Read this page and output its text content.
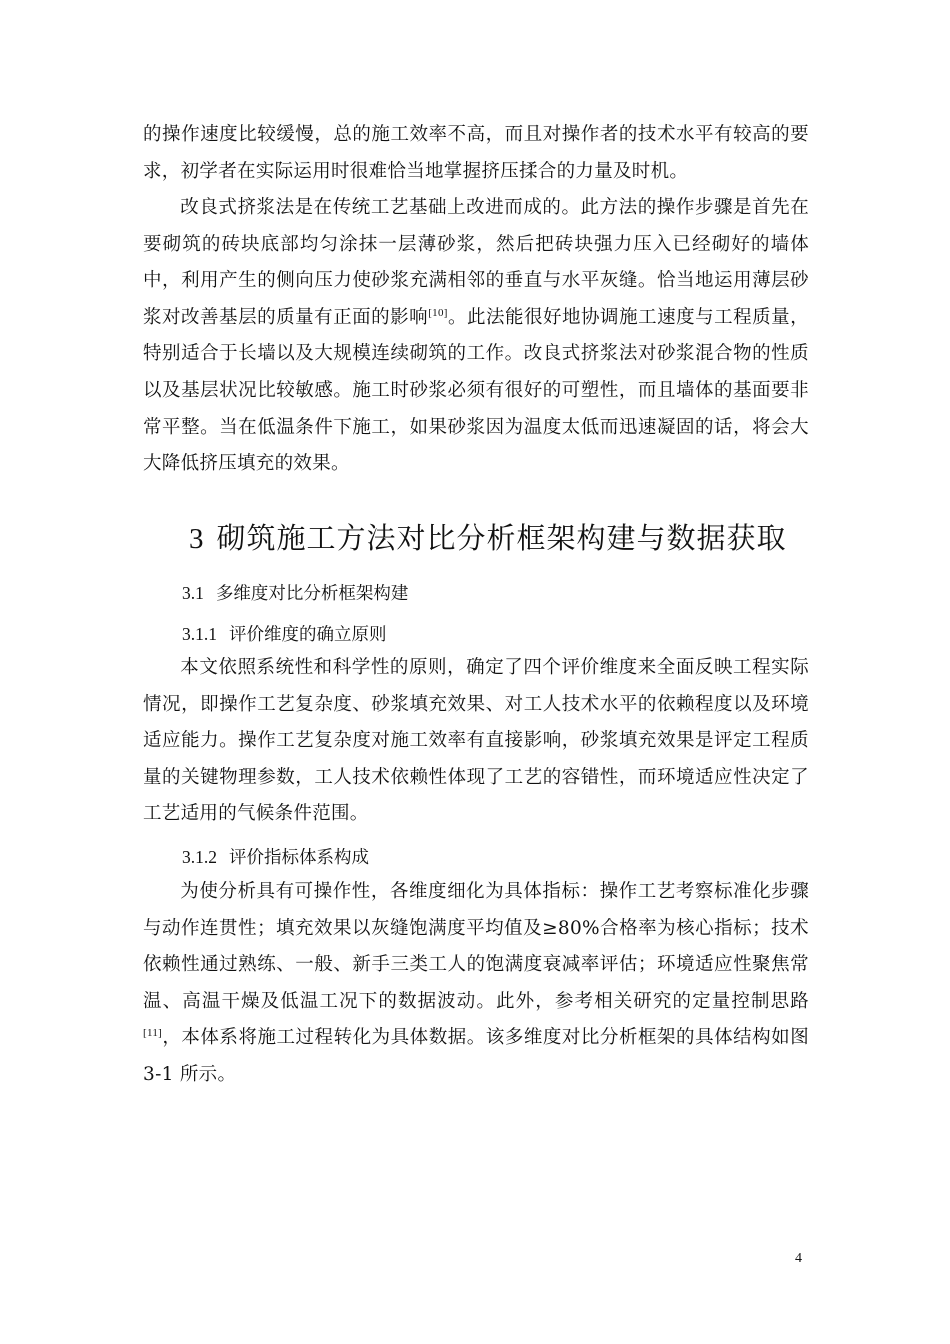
的操作速度比较缓慢，总的施工效率不高，而且对操作者的技术水平有较高的要求，初学者在实际运用时很难恰当地掌握挤压揉合的力量及时机。

改良式挤浆法是在传统工艺基础上改进而成的。此方法的操作步骤是首先在要砌筑的砖块底部均匀涂抹一层薄砂浆，然后把砖块强力压入已经砌好的墙体中，利用产生的侧向压力使砂浆充满相邻的垂直与水平灰缝。恰当地运用薄层砂浆对改善基层的质量有正面的影响[10]。此法能很好地协调施工速度与工程质量，特别适合于长墙以及大规模连续砌筑的工作。改良式挤浆法对砂浆混合物的性质以及基层状况比较敏感。施工时砂浆必须有很好的可塑性，而且墙体的基面要非常平整。当在低温条件下施工，如果砂浆因为温度太低而迅速凝固的话，将会大大降低挤压填充的效果。

3 砌筑施工方法对比分析框架构建与数据获取
3.1 多维度对比分析框架构建
3.1.1 评价维度的确立原则

本文依照系统性和科学性的原则，确定了四个评价维度来全面反映工程实际情况，即操作工艺复杂度、砂浆填充效果、对工人技术水平的依赖程度以及环境适应能力。操作工艺复杂度对施工效率有直接影响，砂浆填充效果是评定工程质量的关键物理参数，工人技术依赖性体现了工艺的容错性，而环境适应性决定了工艺适用的气候条件范围。

3.1.2 评价指标体系构成

为使分析具有可操作性，各维度细化为具体指标：操作工艺考察标准化步骤与动作连贯性；填充效果以灰缝饱满度平均值及≥80%合格率为核心指标；技术依赖性通过熟练、一般、新手三类工人的饱满度衰减率评估；环境适应性聚焦常温、高温干燥及低温工况下的数据波动。此外，参考相关研究的定量控制思路[11]，本体系将施工过程转化为具体数据。该多维度对比分析框架的具体结构如图 3-1 所示。

4
